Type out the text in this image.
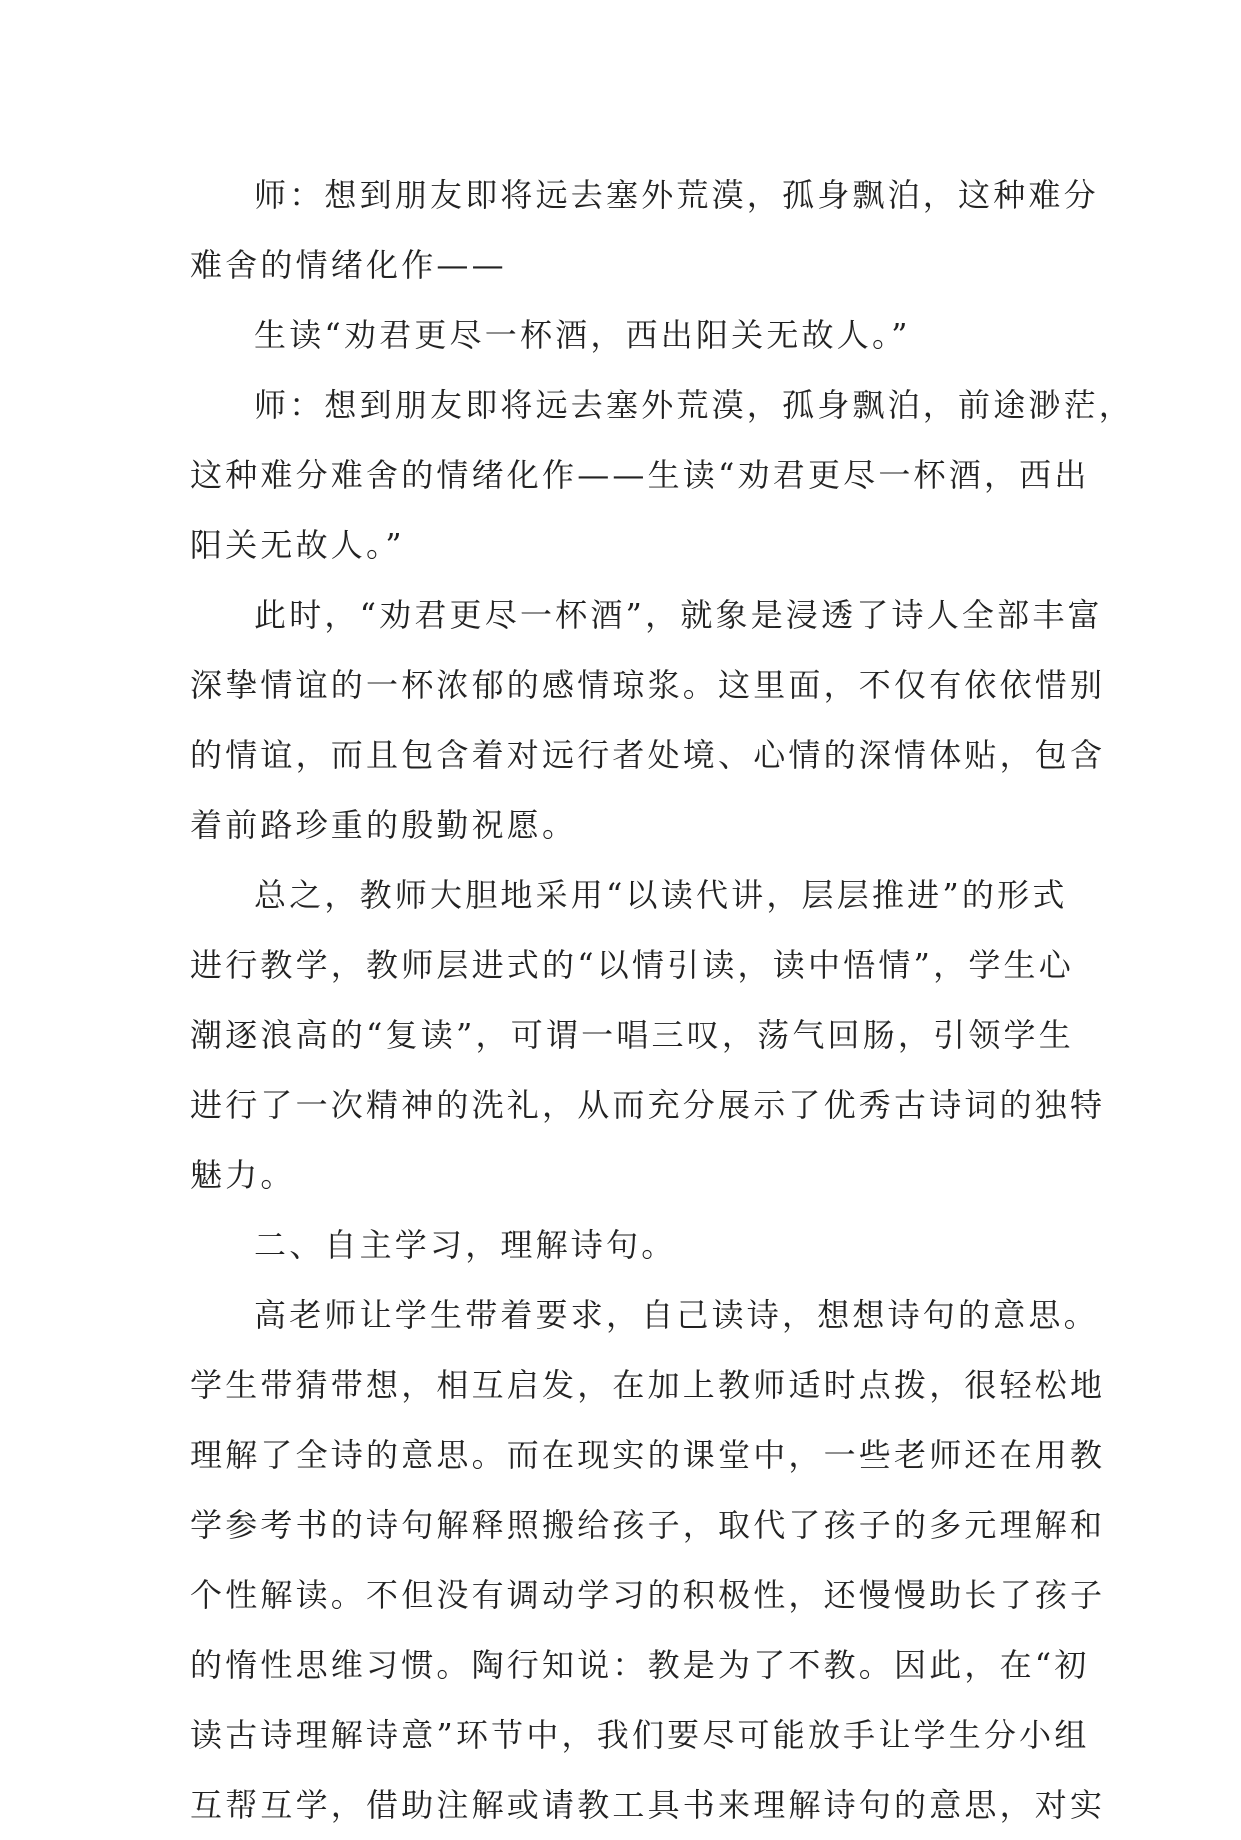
师：想到朋友即将远去塞外荒漠，孤身飘泊，这种难分
难舍的情绪化作——
生读“劝君更尽一杯酒，西出阳关无故人。”
师：想到朋友即将远去塞外荒漠，孤身飘泊，前途渺茫，
这种难分难舍的情绪化作——生读“劝君更尽一杯酒，西出
阳关无故人。”
此时，“劝君更尽一杯酒”，就象是浸透了诗人全部丰富
深挚情谊的一杯浓郁的感情琼浆。这里面，不仅有依依惜别
的情谊，而且包含着对远行者处境、心情的深情体贴，包含
着前路珍重的殷勤祝愿。
总之，教师大胆地采用“以读代讲，层层推进”的形式
进行教学，教师层进式的“以情引读，读中悟情”，学生心
潮逐浪高的“复读”，可谓一唱三叹，荡气回肠，引领学生
进行了一次精神的洗礼，从而充分展示了优秀古诗词的独特
魅力。
二、自主学习，理解诗句。
高老师让学生带着要求，自己读诗，想想诗句的意思。
学生带猜带想，相互启发，在加上教师适时点拨，很轻松地
理解了全诗的意思。而在现实的课堂中，一些老师还在用教
学参考书的诗句解释照搬给孩子，取代了孩子的多元理解和
个性解读。不但没有调动学习的积极性，还慢慢助长了孩子
的惰性思维习惯。陶行知说：教是为了不教。因此，在“初
读古诗理解诗意”环节中，我们要尽可能放手让学生分小组
互帮互学，借助注解或请教工具书来理解诗句的意思，对实
